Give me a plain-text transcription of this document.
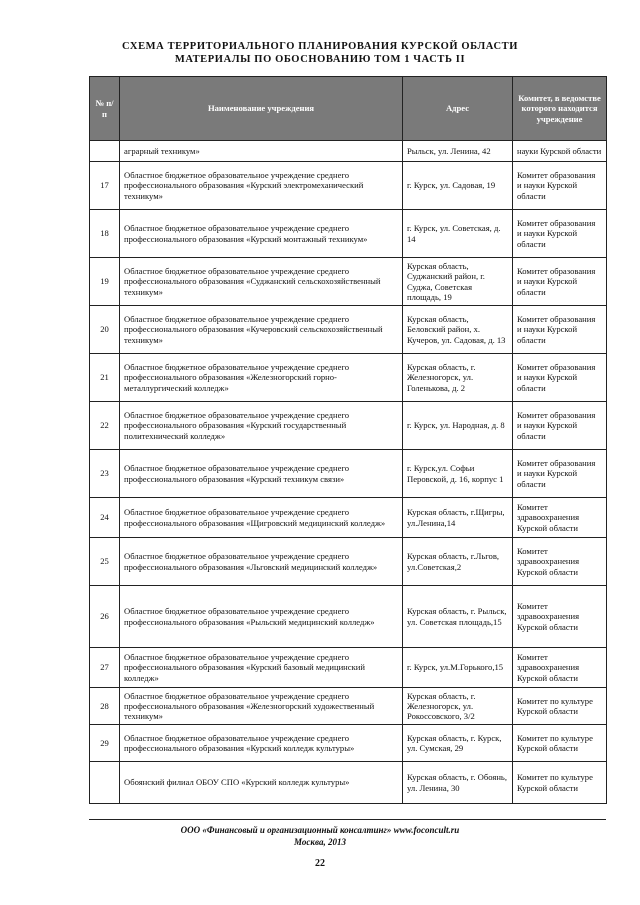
СХЕМА ТЕРРИТОРИАЛЬНОГО ПЛАНИРОВАНИЯ КУРСКОЙ ОБЛАСТИ
МАТЕРИАЛЫ ПО ОБОСНОВАНИЮ ТОМ 1 ЧАСТЬ II
№ п/п	Наименование учреждения	Адрес	Комитет, в ведомстве которого находится учреждение
	аграрный техникум»	Рыльск, ул. Ленина, 42	науки Курской области
17	Областное бюджетное образовательное учреждение среднего профессионального образования «Курский электромеханический техникум»	г. Курск, ул. Садовая, 19	Комитет образования и науки Курской области
18	Областное бюджетное образовательное учреждение среднего профессионального образования «Курский монтажный техникум»	г. Курск, ул. Советская, д. 14	Комитет образования и науки Курской области
19	Областное бюджетное образовательное учреждение среднего профессионального образования «Суджанский сельскохозяйственный техникум»	Курская область, Суджанский район, г. Суджа, Советская площадь, 19	Комитет образования и науки Курской области
20	Областное бюджетное образовательное учреждение среднего профессионального образования «Кучеровский сельскохозяйственный техникум»	Курская область, Беловский район, х. Кучеров, ул. Садовая, д. 13	Комитет образования и науки Курской области
21	Областное бюджетное образовательное учреждение среднего профессионального образования «Железногорский горно-металлургический колледж»	Курская область, г. Железногорск, ул. Голенькова, д. 2	Комитет образования и науки Курской области
22	Областное бюджетное образовательное учреждение среднего профессионального образования «Курский государственный политехнический колледж»	г. Курск, ул. Народная, д. 8	Комитет образования и науки Курской области
23	Областное бюджетное образовательное учреждение среднего профессионального образования «Курский техникум связи»	г. Курск,ул. Софьи Перовской, д. 16, корпус 1	Комитет образования и науки Курской области
24	Областное бюджетное образовательное учреждение среднего профессионального образования «Щигровский медицинский колледж»	Курская область, г.Щигры, ул.Ленина,14	Комитет здравоохранения Курской области
25	Областное бюджетное образовательное учреждение среднего профессионального образования «Льговский медицинский колледж»	Курская область, г.Льгов, ул.Советская,2	Комитет здравоохранения Курской области
26	Областное бюджетное образовательное учреждение среднего профессионального образования «Рыльский медицинский колледж»	Курская область, г. Рыльск, ул. Советская площадь,15	Комитет здравоохранения Курской области
27	Областное бюджетное образовательное учреждение среднего профессионального образования «Курский базовый медицинский колледж»	г. Курск, ул.М.Горького,15	Комитет здравоохранения Курской области
28	Областное бюджетное образовательное учреждение среднего профессионального образования «Железногорский художественный техникум»	Курская область, г. Железногорск, ул. Рокоссовского, 3/2	Комитет по культуре Курской области
29	Областное бюджетное образовательное учреждение среднего профессионального образования «Курский колледж культуры»	Курская область, г. Курск, ул. Сумская, 29	Комитет по культуре Курской области
	Обоянский филиал ОБОУ СПО «Курский колледж культуры»	Курская область, г. Обоянь, ул. Ленина, 30	Комитет по культуре Курской области
ООО «Финансовый и организационный консалтинг» www.foconcult.ru
Москва, 2013
22
